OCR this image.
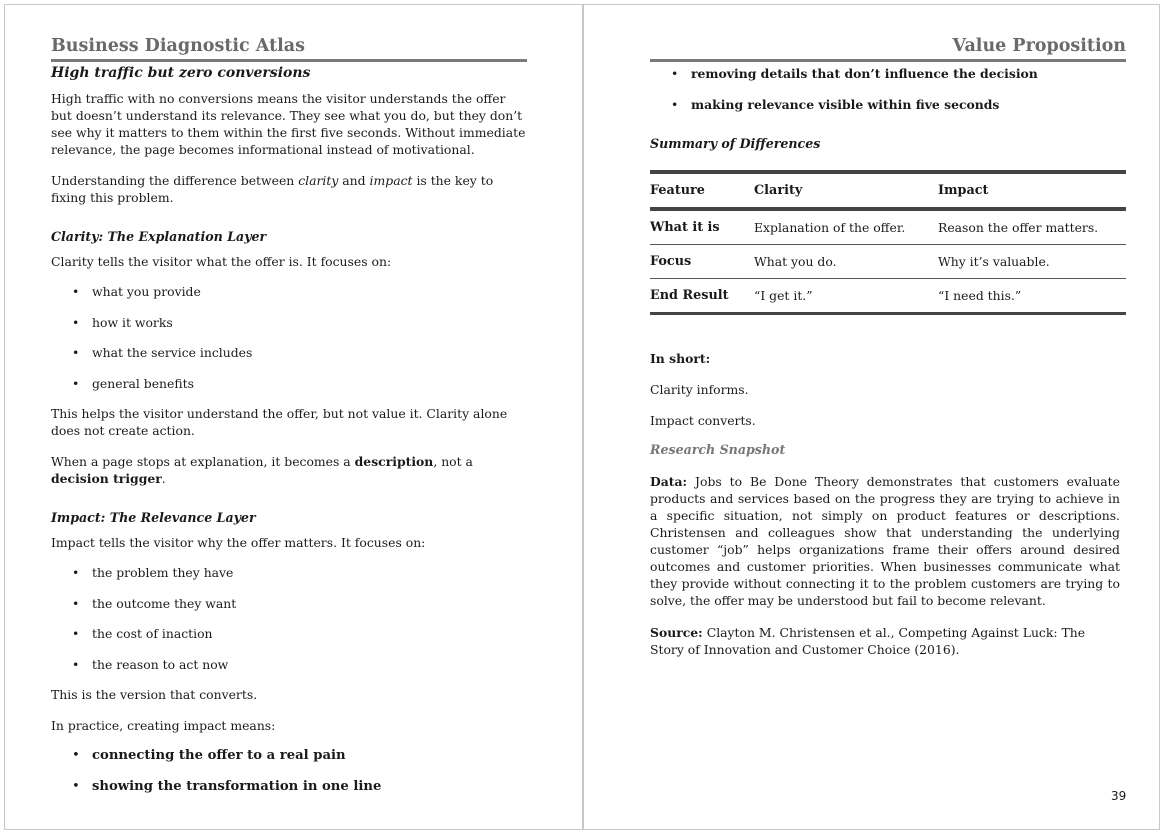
Business Diagnostic Atlas
High traffic but zero conversions

High traffic with no conversions means the visitor understands the offer but doesn’t understand its relevance. They see what you do, but they don’t see why it matters to them within the first five seconds. Without immediate relevance, the page becomes informational instead of motivational.

Understanding the difference between clarity and impact is the key to fixing this problem.

Clarity: The Explanation Layer

Clarity tells the visitor what the offer is. It focuses on:

• what you provide
• how it works
• what the service includes
• general benefits

This helps the visitor understand the offer, but not value it. Clarity alone does not create action.

When a page stops at explanation, it becomes a description, not a decision trigger.

Impact: The Relevance Layer

Impact tells the visitor why the offer matters. It focuses on:

• the problem they have
• the outcome they want
• the cost of inaction
• the reason to act now

This is the version that converts.

In practice, creating impact means:

• connecting the offer to a real pain
• showing the transformation in one line
Value Proposition
• removing details that don’t influence the decision
• making relevance visible within five seconds
Summary of Differences
Feature	Clarity	Impact
What it is	Explanation of the offer.	Reason the offer matters.
Focus	What you do.	Why it’s valuable.
End Result	“I get it.”	“I need this.”

In short:

Clarity informs.

Impact converts.

Research Snapshot

Data: Jobs to Be Done Theory demonstrates that customers evaluate products and services based on the progress they are trying to achieve in a specific situation, not simply on product features or descriptions. Christensen and colleagues show that understanding the underlying customer “job” helps organizations frame their offers around desired outcomes and customer priorities. When businesses communicate what they provide without connecting it to the problem customers are trying to solve, the offer may be understood but fail to become relevant.

Source: Clayton M. Christensen et al., Competing Against Luck: The Story of Innovation and Customer Choice (2016).

39
